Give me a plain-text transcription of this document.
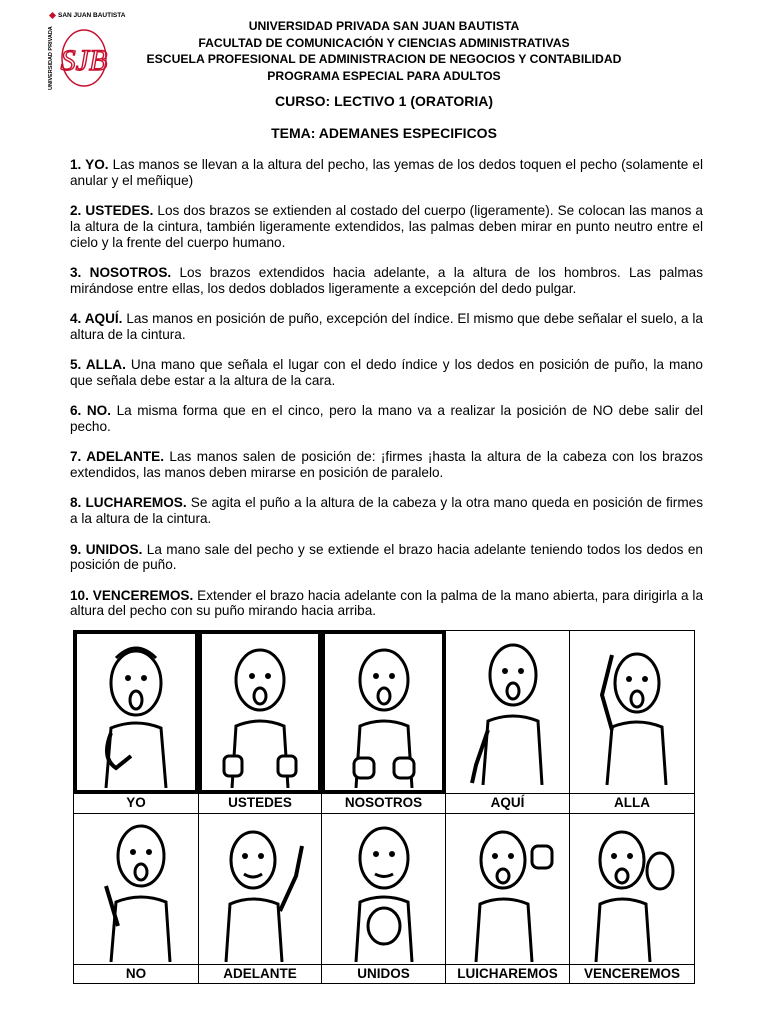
SAN JUAN BAUTISTA
UNIVERSIDAD PRIVADA SJB
UNIVERSIDAD PRIVADA SAN JUAN BAUTISTA
FACULTAD DE COMUNICACIÓN Y CIENCIAS ADMINISTRATIVAS
ESCUELA PROFESIONAL DE ADMINISTRACION DE NEGOCIOS Y CONTABILIDAD
PROGRAMA ESPECIAL PARA ADULTOS
CURSO: LECTIVO 1 (ORATORIA)
TEMA: ADEMANES ESPECIFICOS

1. YO. Las manos se llevan a la altura del pecho, las yemas de los dedos toquen el pecho (solamente el anular y el meñique)

2. USTEDES. Los dos brazos se extienden al costado del cuerpo (ligeramente). Se colocan las manos a la altura de la cintura, también ligeramente extendidos, las palmas deben mirar en punto neutro entre el cielo y la frente del cuerpo humano.

3. NOSOTROS. Los brazos extendidos hacia adelante, a la altura de los hombros. Las palmas mirándose entre ellas, los dedos doblados ligeramente a excepción del dedo pulgar.

4. AQUÍ. Las manos en posición de puño, excepción del índice. El mismo que debe señalar el suelo, a la altura de la cintura.

5. ALLA. Una mano que señala el lugar con el dedo índice y los dedos en posición de puño, la mano que señala debe estar a la altura de la cara.

6. NO. La misma forma que en el cinco, pero la mano va a realizar la posición de NO debe salir del pecho.

7. ADELANTE. Las manos salen de posición de: ¡firmes ¡hasta la altura de la cabeza con los brazos extendidos, las manos deben mirarse en posición de paralelo.

8. LUCHAREMOS. Se agita el puño a la altura de la cabeza y la otra mano queda en posición de firmes a la altura de la cintura.

9. UNIDOS. La mano sale del pecho y se extiende el brazo hacia adelante teniendo todos los dedos en posición de puño.

10. VENCEREMOS. Extender el brazo hacia adelante con la palma de la mano abierta, para dirigirla a la altura del pecho con su puño mirando hacia arriba.

YO	USTEDES	NOSOTROS	AQUÍ	ALLA
NO	ADELANTE	UNIDOS	LUICHAREMOS	VENCEREMOS
